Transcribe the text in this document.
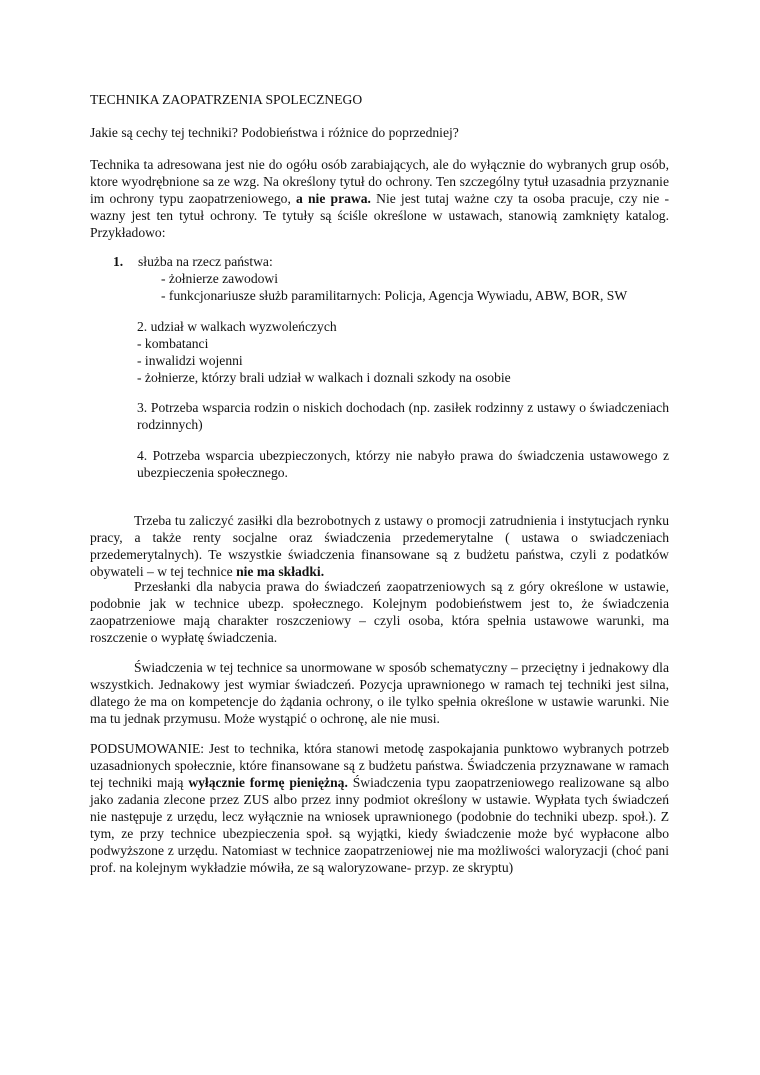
TECHNIKA ZAOPATRZENIA SPOLECZNEGO
Jakie są cechy tej techniki? Podobieństwa i różnice do poprzedniej?

Technika ta adresowana jest nie do ogółu osób zarabiających, ale do wyłącznie do wybranych grup osób, ktore wyodrębnione sa ze wzg. Na określony tytuł do ochrony. Ten szczególny tytuł uzasadnia przyznanie im ochrony typu zaopatrzeniowego, a nie prawa. Nie jest tutaj ważne czy ta osoba pracuje, czy nie - wazny jest ten tytuł ochrony. Te tytuły są ściśle określone w ustawach, stanowią zamknięty katalog. Przykładowo:

1. służba na rzecz państwa:
- żołnierze zawodowi
- funkcjonariusze służb paramilitarnych: Policja, Agencja Wywiadu, ABW, BOR, SW
2. udział w walkach wyzwoleńczych
- kombatanci
- inwalidzi wojenni
- żołnierze, którzy brali udział w walkach i doznali szkody na osobie

3. Potrzeba wsparcia rodzin o niskich dochodach (np. zasiłek rodzinny z ustawy o świadczeniach rodzinnych)

4. Potrzeba wsparcia ubezpieczonych, którzy nie nabyło prawa do świadczenia ustawowego z ubezpieczenia społecznego.

Trzeba tu zaliczyć zasiłki dla bezrobotnych z ustawy o promocji zatrudnienia i instytucjach rynku pracy, a także renty socjalne oraz świadczenia przedemerytalne ( ustawa o swiadczeniach przedemerytalnych). Te wszystkie świadczenia finansowane są z budżetu państwa, czyli z podatków obywateli – w tej technice nie ma składki.

Przesłanki dla nabycia prawa do świadczeń zaopatrzeniowych są z góry określone w ustawie, podobnie jak w technice ubezp. społecznego. Kolejnym podobieństwem jest to, że świadczenia zaopatrzeniowe mają charakter roszczeniowy – czyli osoba, która spełnia ustawowe warunki, ma roszczenie o wypłatę świadczenia.

Świadczenia w tej technice sa unormowane w sposób schematyczny – przeciętny i jednakowy dla wszystkich. Jednakowy jest wymiar świadczeń. Pozycja uprawnionego w ramach tej techniki jest silna, dlatego że ma on kompetencje do żądania ochrony, o ile tylko spełnia określone w ustawie warunki. Nie ma tu jednak przymusu. Może wystąpić o ochronę, ale nie musi.

PODSUMOWANIE: Jest to technika, która stanowi metodę zaspokajania punktowo wybranych potrzeb uzasadnionych społecznie, które finansowane są z budżetu państwa. Świadczenia przyznawane w ramach tej techniki mają wyłącznie formę pieniężną. Świadczenia typu zaopatrzeniowego realizowane są albo jako zadania zlecone przez ZUS albo przez inny podmiot określony w ustawie. Wypłata tych świadczeń nie następuje z urzędu, lecz wyłącznie na wniosek uprawnionego (podobnie do techniki ubezp. społ.). Z tym, ze przy technice ubezpieczenia społ. są wyjątki, kiedy świadczenie może być wypłacone albo podwyższone z urzędu. Natomiast w technice zaopatrzeniowej nie ma możliwości waloryzacji (choć pani prof. na kolejnym wykładzie mówiła, ze są waloryzowane- przyp. ze skryptu)
